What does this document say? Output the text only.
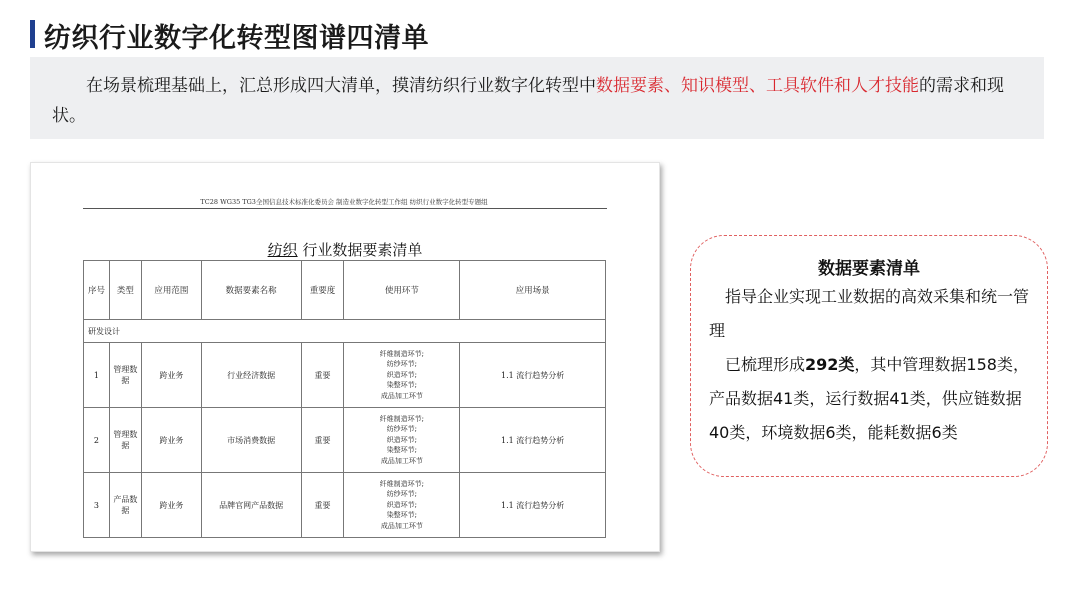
纺织行业数字化转型图谱四清单

在场景梳理基础上，汇总形成四大清单，摸清纺织行业数字化转型中数据要素、知识模型、工具软件和人才技能的需求和现状。

TC28 WG35 TG3全国信息技术标准化委员会 制造业数字化转型工作组 纺织行业数字化转型专题组
纺织 行业数据要素清单
序号	类型	应用范围	数据要素名称	重要度	使用环节	应用场景
研发设计						
1	管理数据	跨业务	行业经济数据	重要	纤维制造环节;
纺纱环节;
织造环节;
染整环节;
成品加工环节	1.1 流行趋势分析
2	管理数据	跨业务	市场消费数据	重要	纤维制造环节;
纺纱环节;
织造环节;
染整环节;
成品加工环节	1.1 流行趋势分析
3	产品数据	跨业务	品牌官网产品数据	重要	纤维制造环节;
纺纱环节;
织造环节;
染整环节;
成品加工环节	1.1 流行趋势分析
数据要素清单

指导企业实现工业数据的高效采集和统一管理

已梳理形成292类，其中管理数据158类，产品数据41类，运行数据41类，供应链数据40类，环境数据6类，能耗数据6类
